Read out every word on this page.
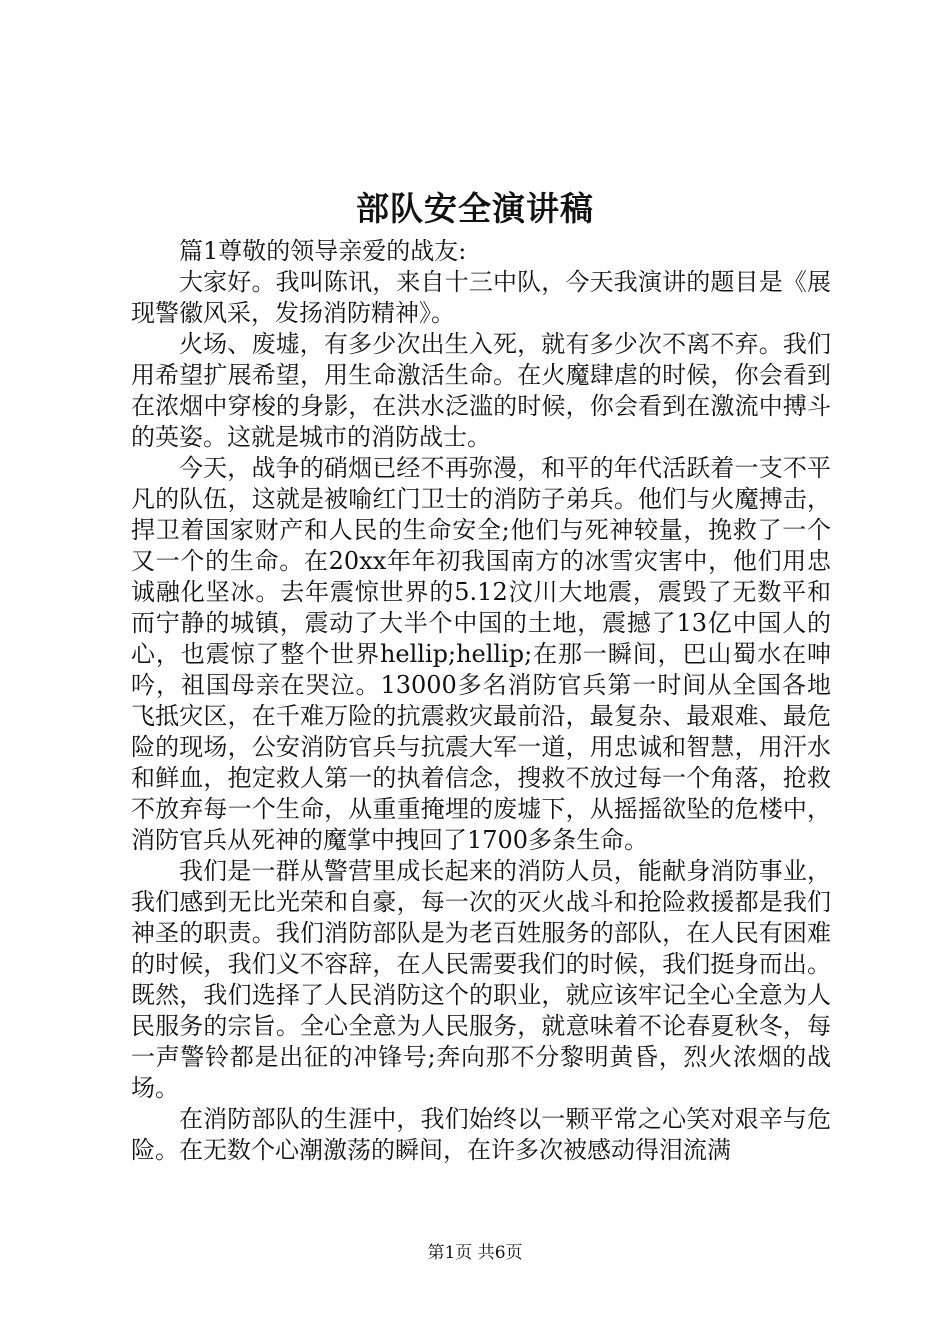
部队安全演讲稿

篇1尊敬的领导亲爱的战友:

大家好。我叫陈讯，来自十三中队，今天我演讲的题目是《展现警徽风采，发扬消防精神》。

火场、废墟，有多少次出生入死，就有多少次不离不弃。我们用希望扩展希望，用生命激活生命。在火魔肆虐的时候，你会看到在浓烟中穿梭的身影，在洪水泛滥的时候，你会看到在激流中搏斗的英姿。这就是城市的消防战士。

今天，战争的硝烟已经不再弥漫，和平的年代活跃着一支不平凡的队伍，这就是被喻红门卫士的消防子弟兵。他们与火魔搏击，捍卫着国家财产和人民的生命安全;他们与死神较量，挽救了一个又一个的生命。在20xx年年初我国南方的冰雪灾害中，他们用忠诚融化坚冰。去年震惊世界的5.12汶川大地震，震毁了无数平和而宁静的城镇，震动了大半个中国的土地，震撼了13亿中国人的心，也震惊了整个世界hellip;hellip;在那一瞬间，巴山蜀水在呻吟，祖国母亲在哭泣。13000多名消防官兵第一时间从全国各地飞抵灾区，在千难万险的抗震救灾最前沿，最复杂、最艰难、最危险的现场，公安消防官兵与抗震大军一道，用忠诚和智慧，用汗水和鲜血，抱定救人第一的执着信念，搜救不放过每一个角落，抢救不放弃每一个生命，从重重掩埋的废墟下，从摇摇欲坠的危楼中，消防官兵从死神的魔掌中拽回了1700多条生命。

我们是一群从警营里成长起来的消防人员，能献身消防事业，我们感到无比光荣和自豪，每一次的灭火战斗和抢险救援都是我们神圣的职责。我们消防部队是为老百姓服务的部队，在人民有困难的时候，我们义不容辞，在人民需要我们的时候，我们挺身而出。既然，我们选择了人民消防这个的职业，就应该牢记全心全意为人民服务的宗旨。全心全意为人民服务，就意味着不论春夏秋冬，每一声警铃都是出征的冲锋号;奔向那不分黎明黄昏，烈火浓烟的战场。

在消防部队的生涯中，我们始终以一颗平常之心笑对艰辛与危险。在无数个心潮激荡的瞬间，在许多次被感动得泪流满

第1页 共6页
